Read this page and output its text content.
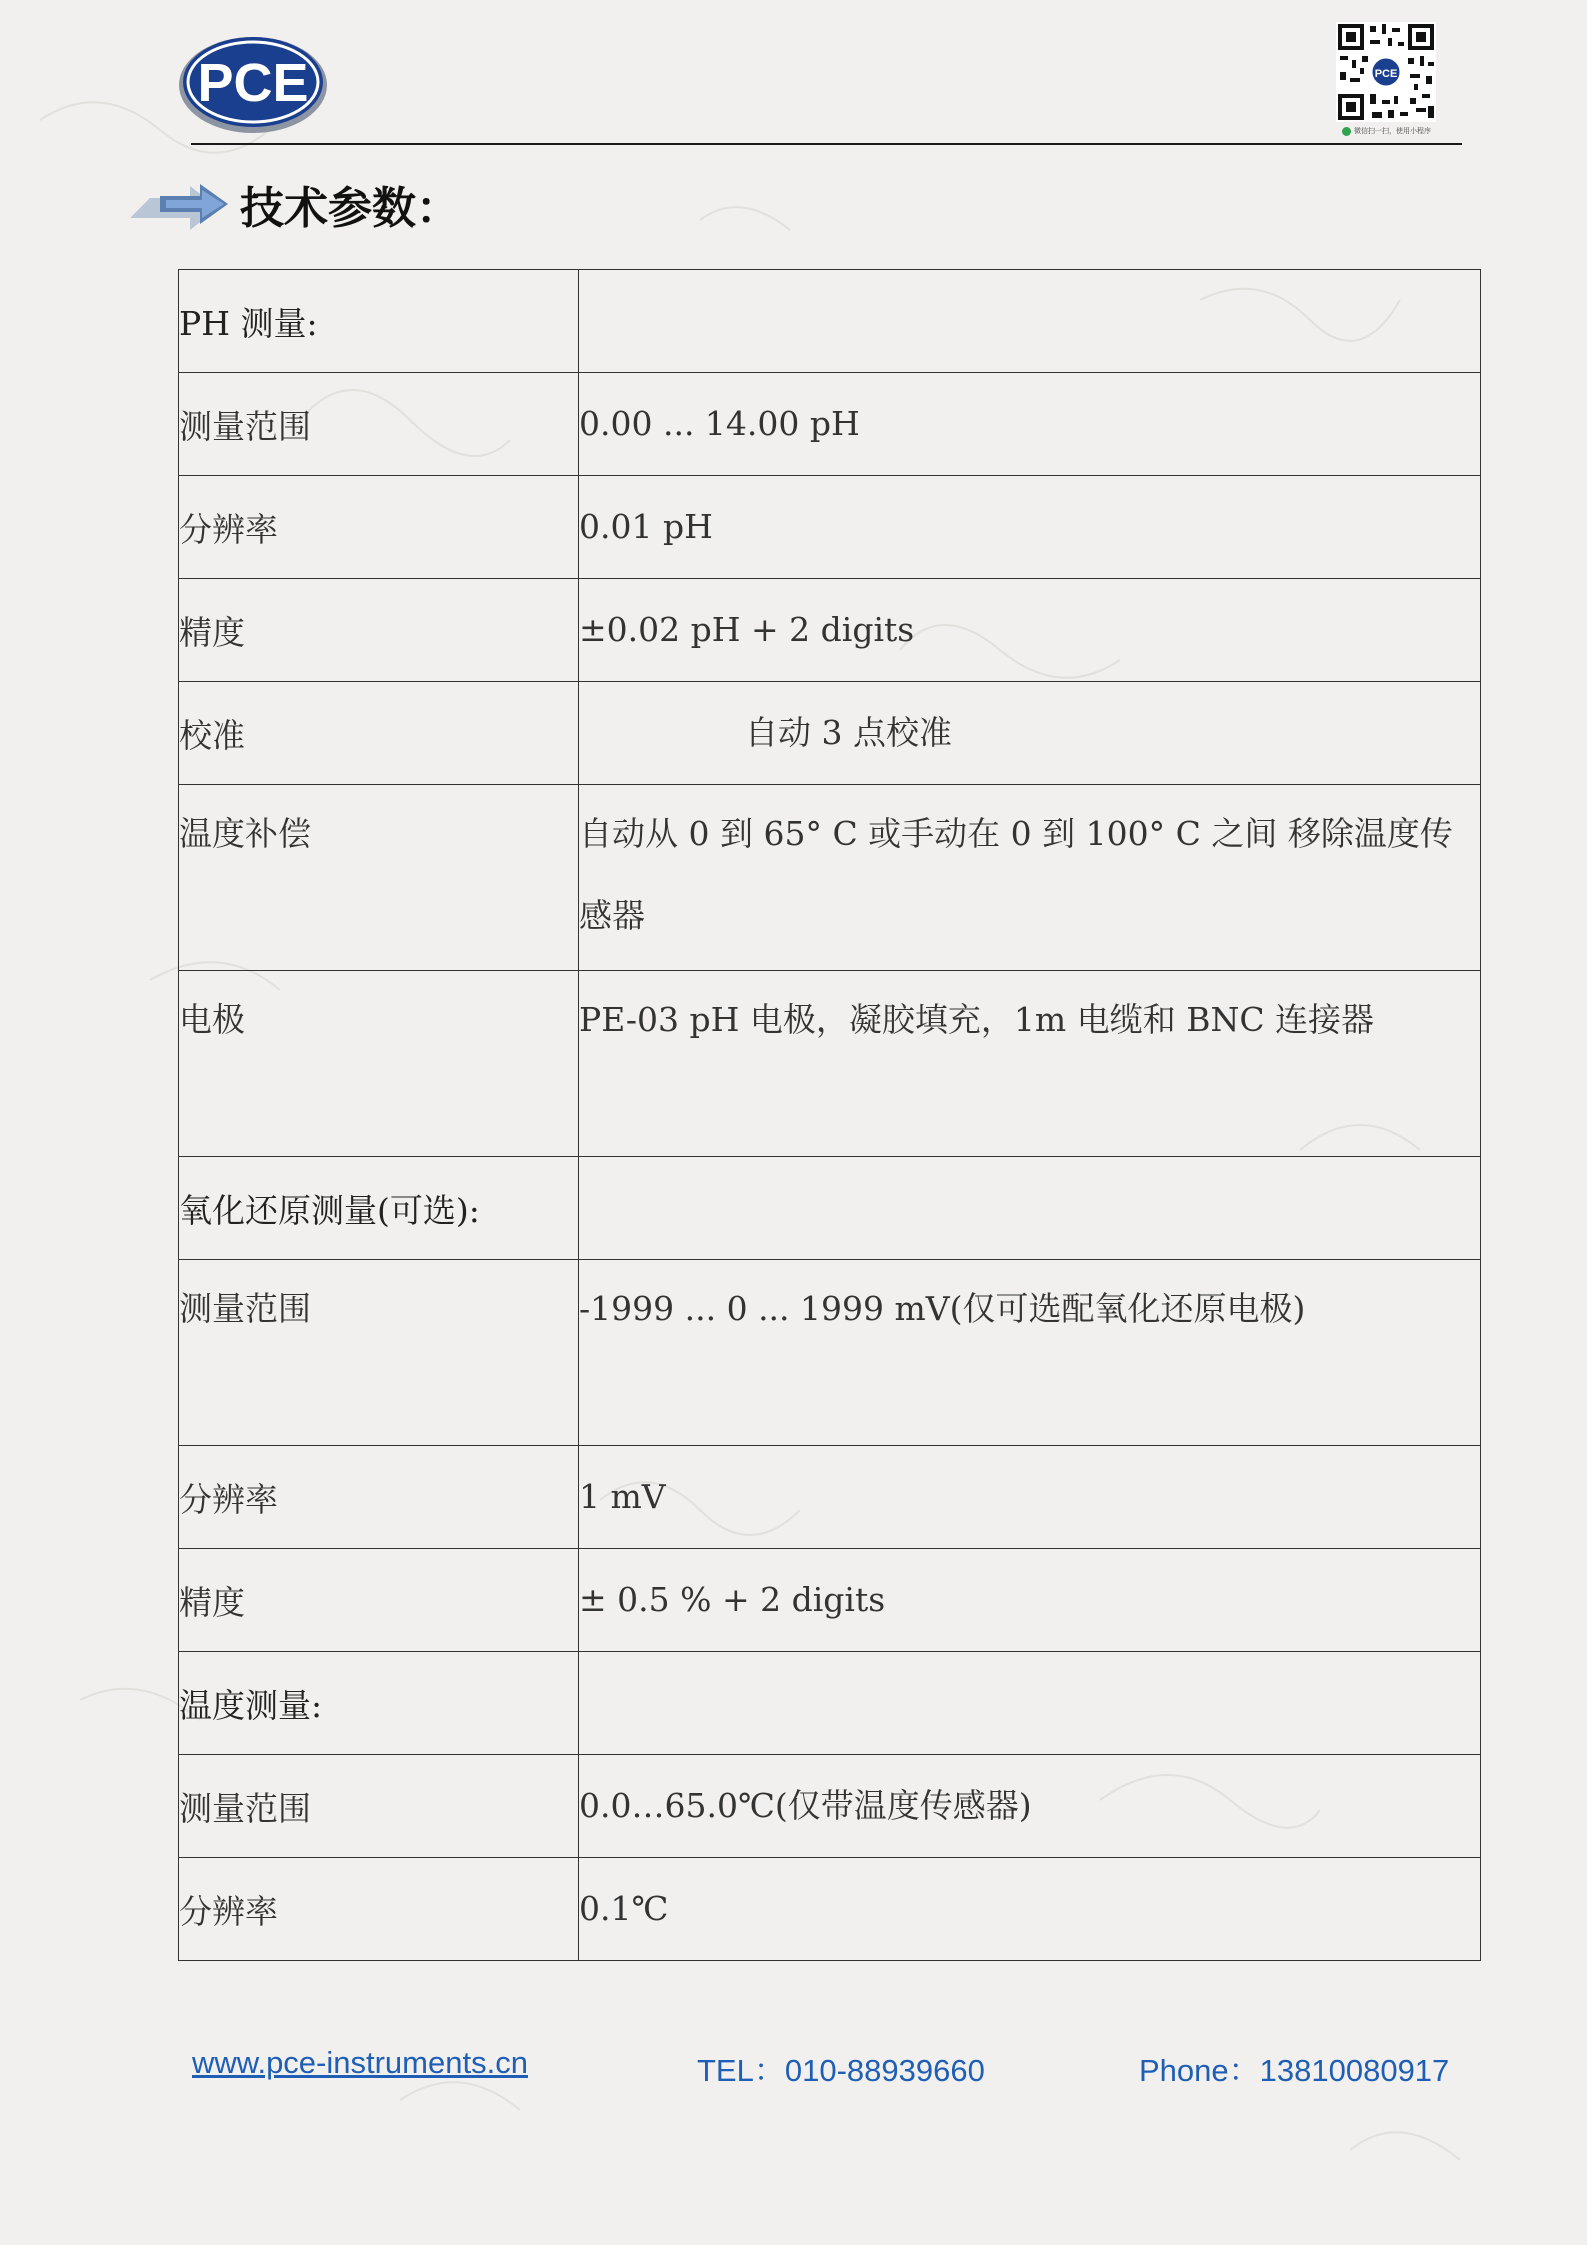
PCE	PCE
微信扫一扫，使用小程序
技术参数：
PH 测量:	
测量范围	0.00 ... 14.00 pH
分辨率	0.01 pH
精度	±0.02 pH + 2 digits
校准	自动 3 点校准
温度补偿	自动从 0 到 65° C 或手动在 0 到 100° C 之间 移除温度传感器
电极	PE-03 pH 电极，凝胶填充，1m 电缆和 BNC 连接器
氧化还原测量(可选):	
测量范围	-1999 ... 0 ... 1999 mV(仅可选配氧化还原电极)
分辨率	1 mV
精度	± 0.5 % + 2 digits
温度测量:	
测量范围	0.0…65.0℃(仅带温度传感器)
分辨率	0.1℃
www.pce-instruments.cn	TEL：010-88939660	Phone：13810080917
